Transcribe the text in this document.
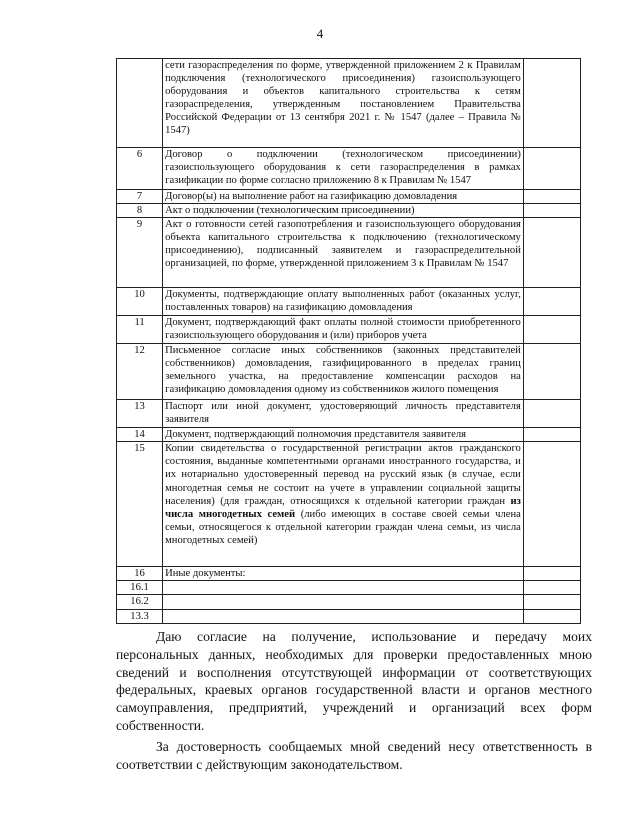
4
	сети газораспределения по форме, утвержденной приложением 2 к Правилам подключения (технологического присоединения) газоиспользующего оборудования и объектов капитального строительства к сетям газораспределения, утвержденным постановлением Правительства Российской Федерации от 13 сентября 2021 г. № 1547 (далее – Правила № 1547)	
6	Договор о подключении (технологическом присоединении) газоиспользующего оборудования к сети газораспределения в рамках газификации по форме согласно приложению 8 к Правилам № 1547	
7	Договор(ы) на выполнение работ на газификацию домовладения	
8	Акт о подключении (технологическим присоединении)	
9	Акт о готовности сетей газопотребления и газоиспользующего оборудования объекта капитального строительства к подключению (технологическому присоединению), подписанный заявителем и газораспределительной организацией, по форме, утвержденной приложением 3 к Правилам № 1547	
10	Документы, подтверждающие оплату выполненных работ (оказанных услуг, поставленных товаров) на газификацию домовладения	
11	Документ, подтверждающий факт оплаты полной стоимости приобретенного газоиспользующего оборудования и (или) приборов учета	
12	Письменное согласие иных собственников (законных представителей собственников) домовладения, газифицированного в пределах границ земельного участка, на предоставление компенсации расходов на газификацию домовладения одному из собственников жилого помещения	
13	Паспорт или иной документ, удостоверяющий личность представителя заявителя	
14	Документ, подтверждающий полномочия представителя заявителя	
15	Копии свидетельства о государственной регистрации актов гражданского состояния, выданные компетентными органами иностранного государства, и их нотариально удостоверенный перевод на русский язык (в случае, если многодетная семья не состоит на учете в управлении социальной защиты населения) (для граждан, относящихся к отдельной категории граждан из числа многодетных семей (либо имеющих в составе своей семьи члена семьи, относящегося к отдельной категории граждан члена семьи, из числа многодетных семей)	
16	Иные документы:	
16.1		
16.2		
13.3		

Даю согласие на получение, использование и передачу моих персональных данных, необходимых для проверки предоставленных мною сведений и восполнения отсутствующей информации от соответствующих федеральных, краевых органов государственной власти и органов местного самоуправления, предприятий, учреждений и организаций всех форм собственности.

За достоверность сообщаемых мной сведений несу ответственность в соответствии с действующим законодательством.
